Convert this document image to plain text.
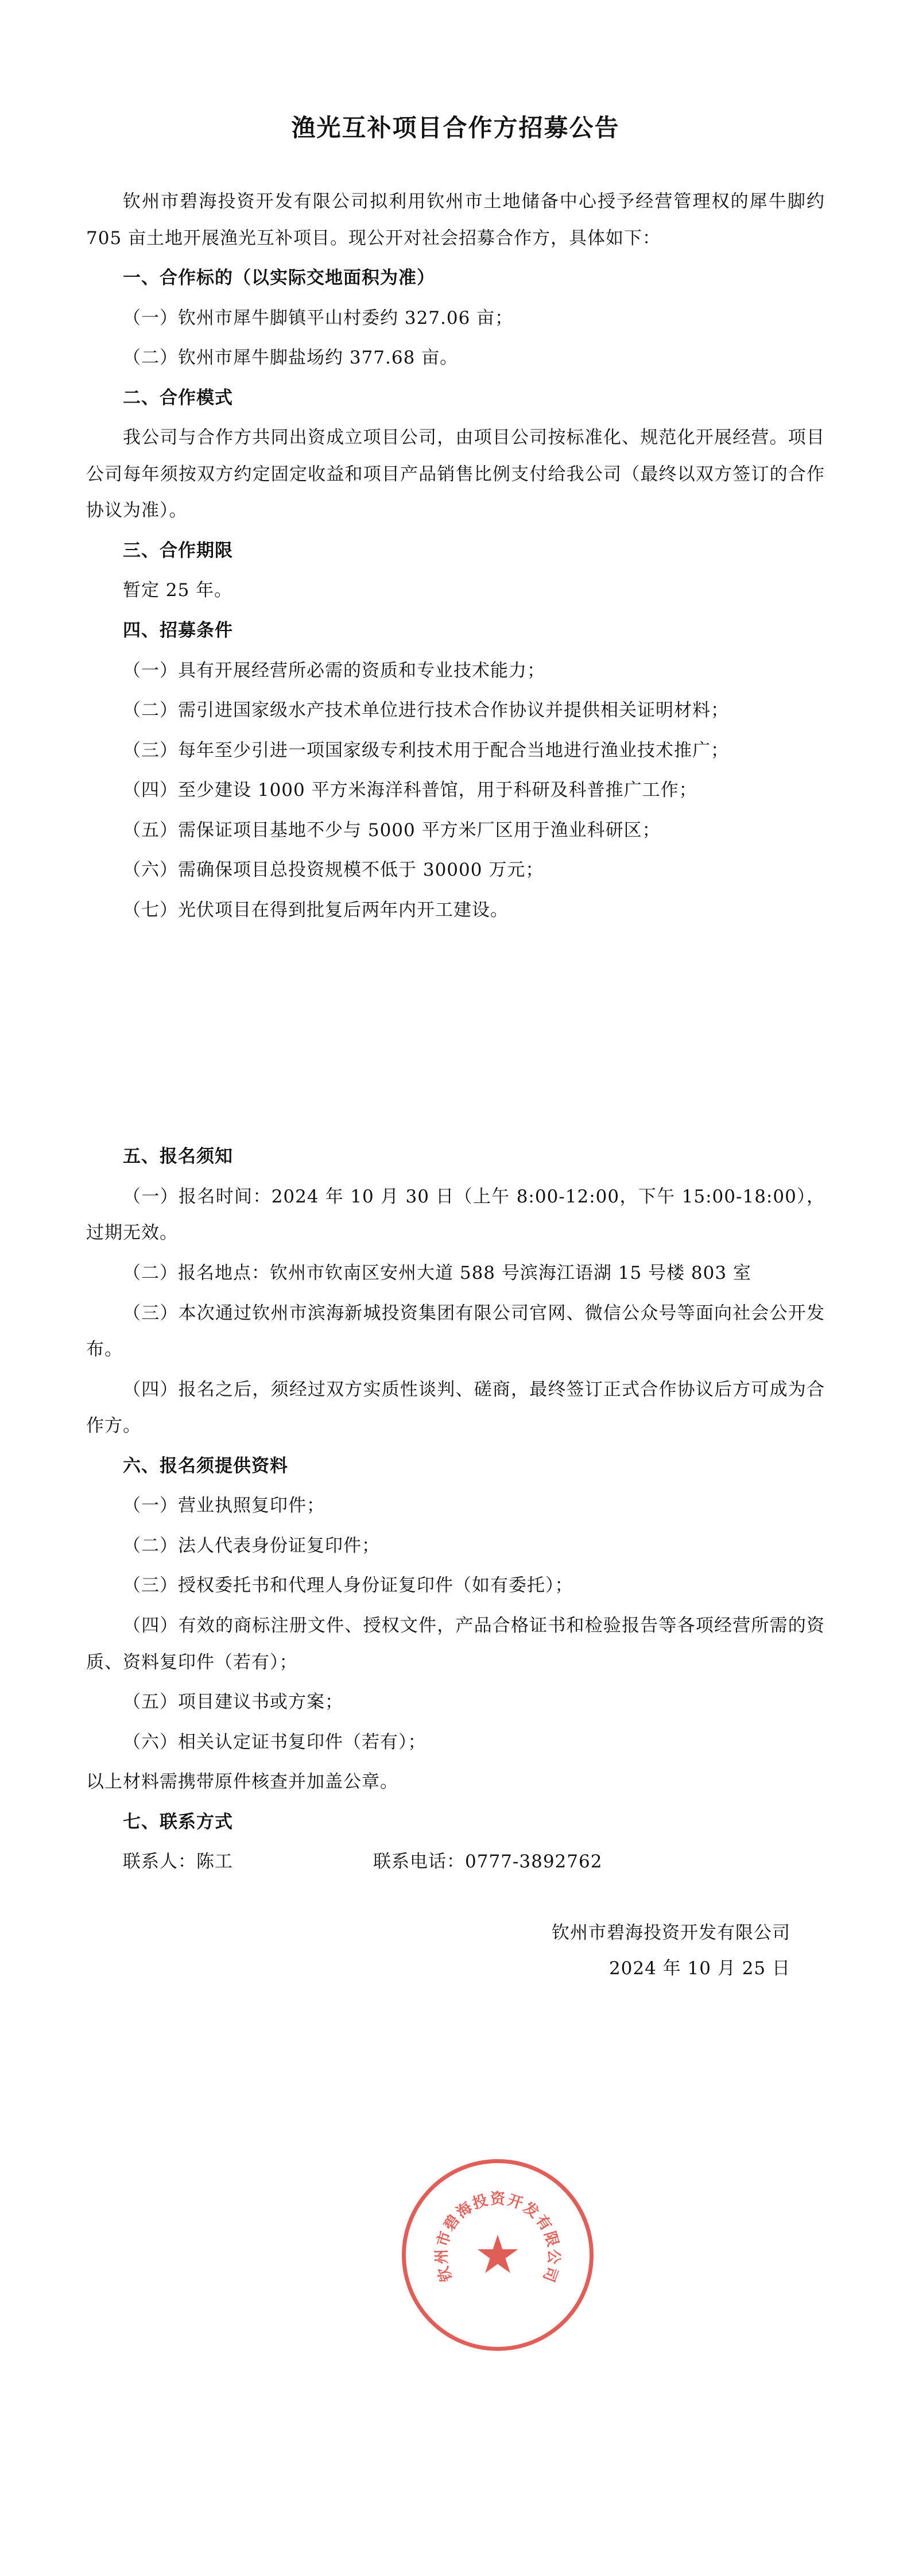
渔光互补项目合作方招募公告

钦州市碧海投资开发有限公司拟利用钦州市土地储备中心授予经营管理权的犀牛脚约 705 亩土地开展渔光互补项目。现公开对社会招募合作方，具体如下：

一、合作标的（以实际交地面积为准）

（一）钦州市犀牛脚镇平山村委约 327.06 亩；

（二）钦州市犀牛脚盐场约 377.68 亩。

二、合作模式

我公司与合作方共同出资成立项目公司，由项目公司按标准化、规范化开展经营。项目公司每年须按双方约定固定收益和项目产品销售比例支付给我公司（最终以双方签订的合作协议为准）。

三、合作期限

暂定 25 年。

四、招募条件

（一）具有开展经营所必需的资质和专业技术能力；

（二）需引进国家级水产技术单位进行技术合作协议并提供相关证明材料；

（三）每年至少引进一项国家级专利技术用于配合当地进行渔业技术推广；

（四）至少建设 1000 平方米海洋科普馆，用于科研及科普推广工作；

（五）需保证项目基地不少与 5000 平方米厂区用于渔业科研区；

（六）需确保项目总投资规模不低于 30000 万元；

（七）光伏项目在得到批复后两年内开工建设。

五、报名须知

（一）报名时间：2024 年 10 月 30 日（上午 8:00-12:00，下午 15:00-18:00），过期无效。

（二）报名地点：钦州市钦南区安州大道 588 号滨海江语湖 15 号楼 803 室

（三）本次通过钦州市滨海新城投资集团有限公司官网、微信公众号等面向社会公开发布。

（四）报名之后，须经过双方实质性谈判、磋商，最终签订正式合作协议后方可成为合作方。

六、报名须提供资料

（一）营业执照复印件；

（二）法人代表身份证复印件；

（三）授权委托书和代理人身份证复印件（如有委托）；

（四）有效的商标注册文件、授权文件，产品合格证书和检验报告等各项经营所需的资质、资料复印件（若有）；

（五）项目建议书或方案；

（六）相关认定证书复印件（若有）；

以上材料需携带原件核查并加盖公章。

七、联系方式

联系人：陈工	联系电话：0777-3892762
钦州市碧海投资开发有限公司
2024 年 10 月 25 日
★
钦
州
市
碧
海
投 资 开
发
有
限
公
司
